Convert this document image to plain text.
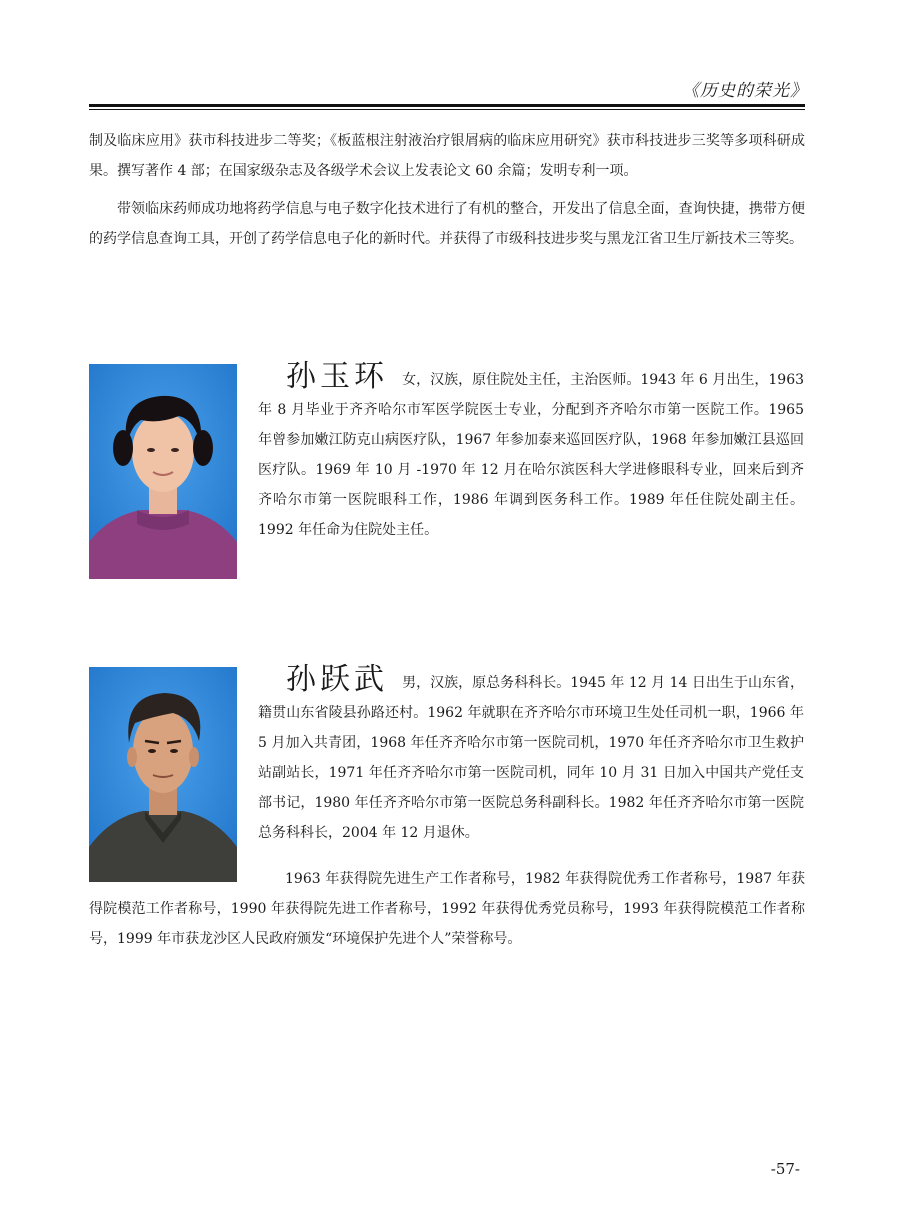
《历史的荣光》

制及临床应用》获市科技进步二等奖；《板蓝根注射液治疗银屑病的临床应用研究》获市科技进步三奖等多项科研成果。撰写著作 4 部；在国家级杂志及各级学术会议上发表论文 60 余篇；发明专利一项。

带领临床药师成功地将药学信息与电子数字化技术进行了有机的整合，开发出了信息全面，查询快捷，携带方便的药学信息查询工具，开创了药学信息电子化的新时代。并获得了市级科技进步奖与黑龙江省卫生厅新技术三等奖。

孙玉环 女，汉族，原住院处主任，主治医师。1943 年 6 月出生，1963 年 8 月毕业于齐齐哈尔市军医学院医士专业，分配到齐齐哈尔市第一医院工作。1965 年曾参加嫩江防克山病医疗队，1967 年参加泰来巡回医疗队，1968 年参加嫩江县巡回医疗队。1969 年 10 月 -1970 年 12 月在哈尔滨医科大学进修眼科专业，回来后到齐齐哈尔市第一医院眼科工作，1986 年调到医务科工作。1989 年任住院处副主任。1992 年任命为住院处主任。

孙跃武 男，汉族，原总务科科长。1945 年 12 月 14 日出生于山东省，籍贯山东省陵县孙路还村。1962 年就职在齐齐哈尔市环境卫生处任司机一职，1966 年 5 月加入共青团，1968 年任齐齐哈尔市第一医院司机，1970 年任齐齐哈尔市卫生救护站副站长，1971 年任齐齐哈尔市第一医院司机，同年 10 月 31 日加入中国共产党任支部书记，1980 年任齐齐哈尔市第一医院总务科副科长。1982 年任齐齐哈尔市第一医院总务科科长，2004 年 12 月退休。

1963 年获得院先进生产工作者称号，1982 年获得院优秀工作者称号，1987 年获得院模范工作者称号，1990 年获得院先进工作者称号，1992 年获得优秀党员称号，1993 年获得院模范工作者称号，1999 年市获龙沙区人民政府颁发“环境保护先进个人”荣誉称号。

-57-
